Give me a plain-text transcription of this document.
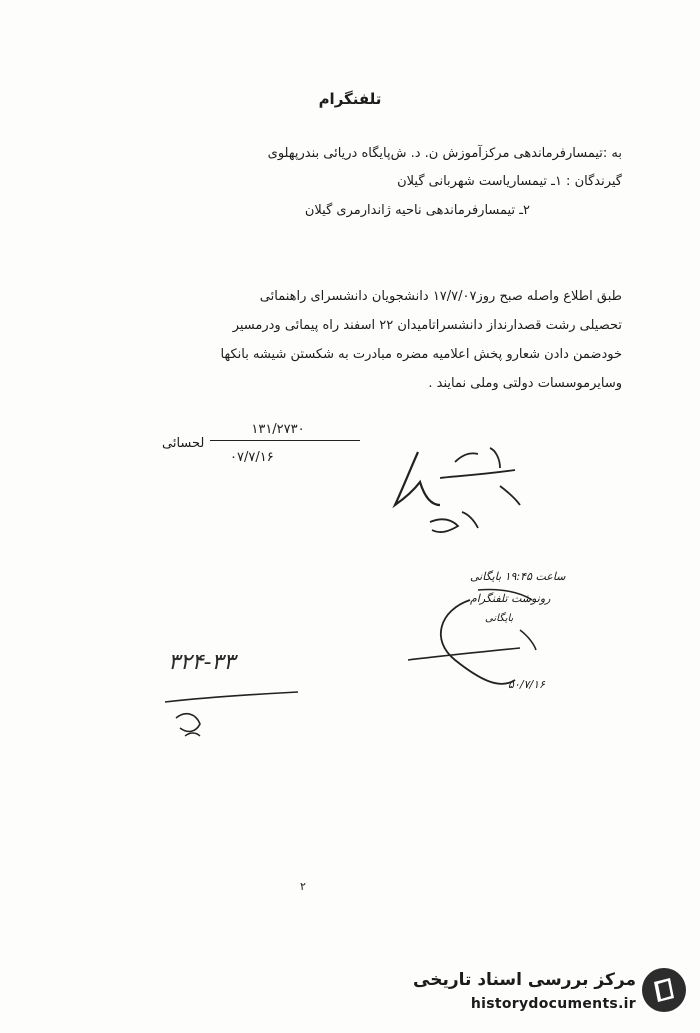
تلفنگرام
به :تیمسارفرماندهی مرکزآموزش ن. د. ش‌پایگاه دریائی بندرپهلوی
گیرندگان : ۱ـ تیمساریاست شهربانی گیلان
۲ـ تیمسارفرماندهی ناحیه ژاندارمری گیلان
طبق اطلاع واصله صبح روز۱۷/۷/۰۷ دانشجویان دانشسرای راهنمائی
تحصیلی رشت قصدارنداز دانشسراتامیدان ۲۲ اسفند راه پیمائی ودرمسیر
خودضمن دادن شعارو پخش اعلامیه مضره مبادرت به شکستن شیشه بانکها
وسایرموسسات دولتی وملی نمایند .
لحسائی
۱۳۱/۲۷۳۰
۰۷/۷/۱۶
ساعت ۱۹:۴۵ بایگانی
رونوشت تلفنگرام
بایگانی
۵۰/۷/۱۶
۳۲۴-۳۳
۲
مرکز بررسی اسناد تاریخی
historydocuments.ir
